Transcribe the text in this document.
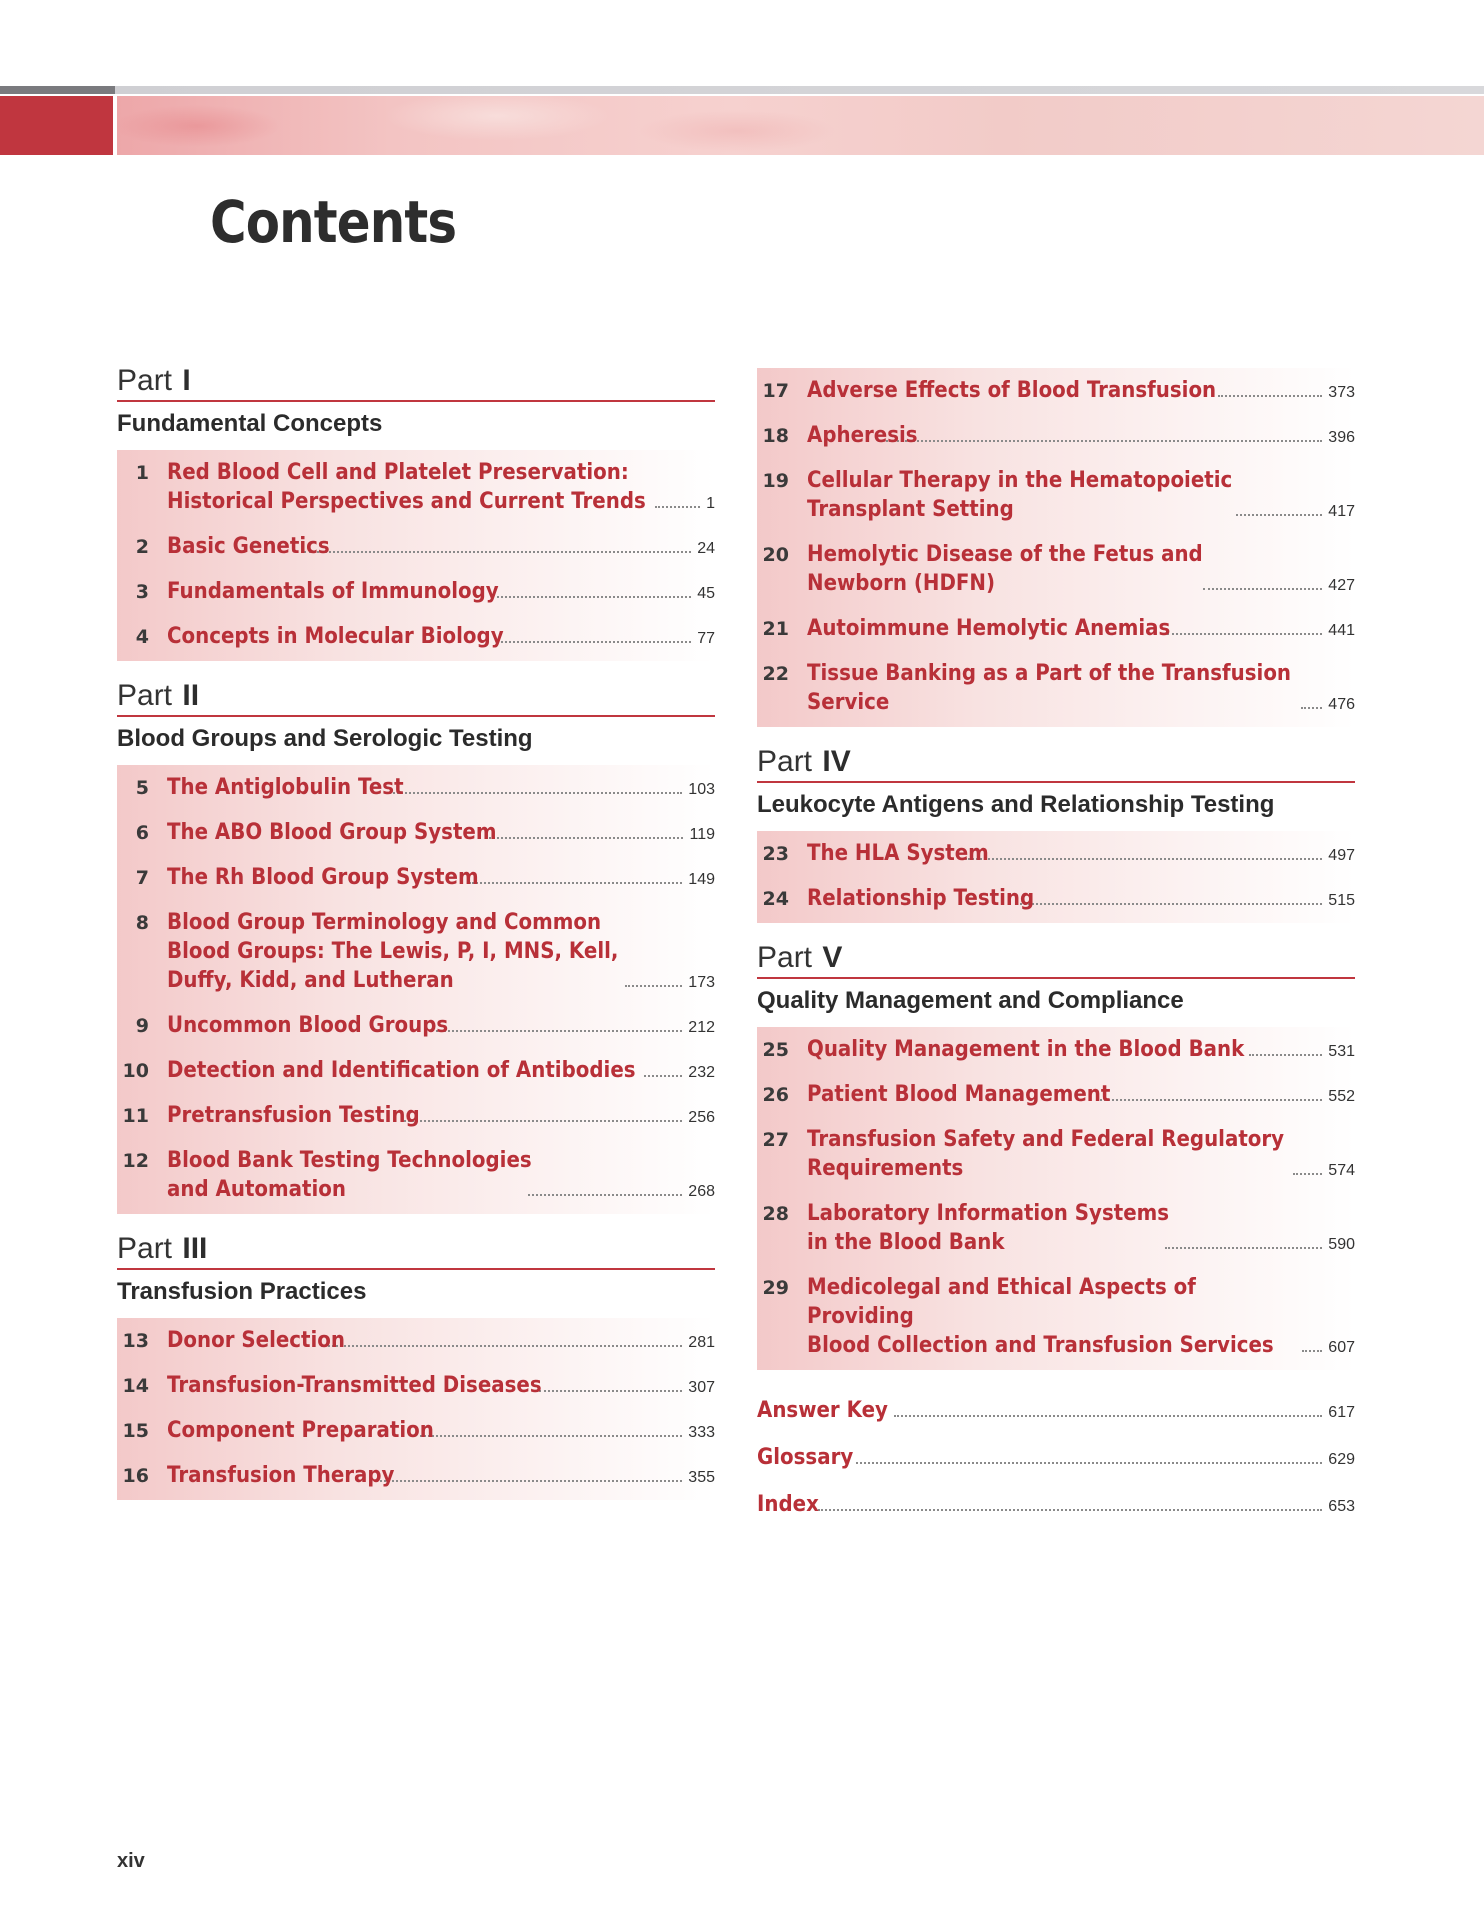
Contents
Part I
Fundamental Concepts
1 Red Blood Cell and Platelet Preservation:
Historical Perspectives and Current Trends	1
2 Basic Genetics	24
3 Fundamentals of Immunology	45
4 Concepts in Molecular Biology	77
Part II
Blood Groups and Serologic Testing
5 The Antiglobulin Test	103
6 The ABO Blood Group System	119
7 The Rh Blood Group System	149
8 Blood Group Terminology and Common
Blood Groups: The Lewis, P, I, MNS, Kell,
Duffy, Kidd, and Lutheran	173
9 Uncommon Blood Groups	212
10 Detection and Identification of Antibodies	232
11 Pretransfusion Testing	256
12 Blood Bank Testing Technologies
and Automation	268
Part III
Transfusion Practices
13 Donor Selection	281
14 Transfusion-Transmitted Diseases	307
15 Component Preparation	333
16 Transfusion Therapy	355
17 Adverse Effects of Blood Transfusion	373
18 Apheresis	396
19 Cellular Therapy in the Hematopoietic
Transplant Setting	417
20 Hemolytic Disease of the Fetus and
Newborn (HDFN)	427
21 Autoimmune Hemolytic Anemias	441
22 Tissue Banking as a Part of the Transfusion
Service	476
Part IV
Leukocyte Antigens and Relationship Testing
23 The HLA System	497
24 Relationship Testing	515
Part V
Quality Management and Compliance
25 Quality Management in the Blood Bank	531
26 Patient Blood Management	552
27 Transfusion Safety and Federal Regulatory
Requirements	574
28 Laboratory Information Systems
in the Blood Bank	590
29 Medicolegal and Ethical Aspects of Providing
Blood Collection and Transfusion Services	607
Answer Key	617
Glossary	629
Index	653
xiv
